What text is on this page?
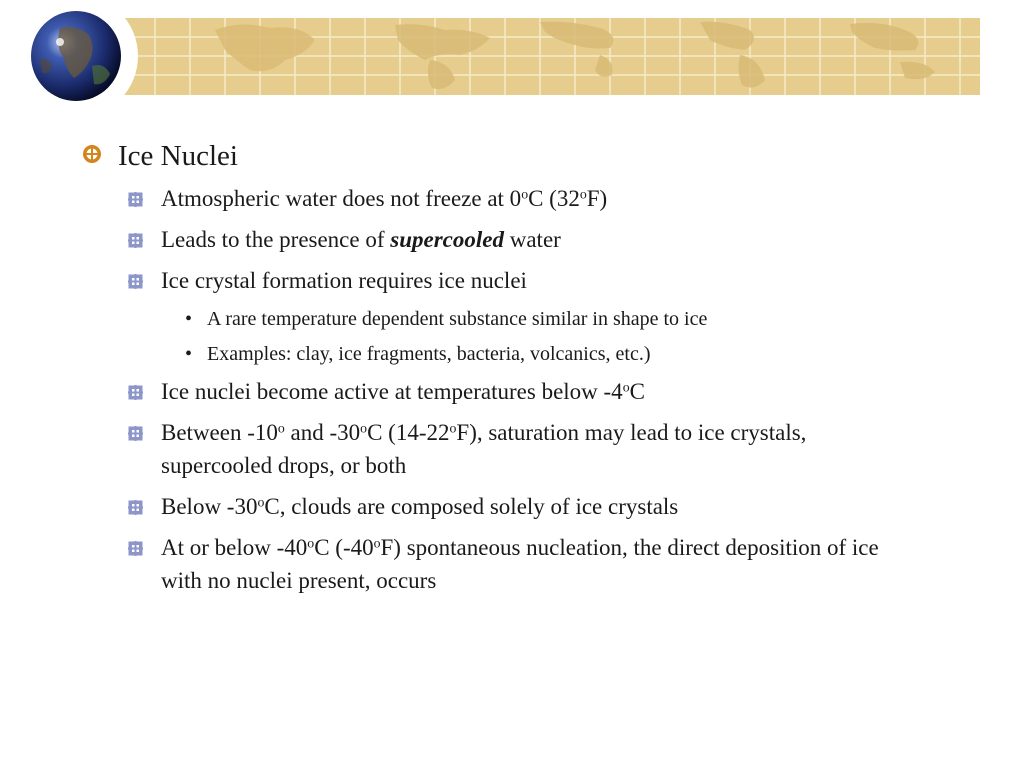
Ice Nuclei
Atmospheric water does not freeze at 0$^o$C (32$^o$F)
Leads to the presence of supercooled water
Ice crystal formation requires ice nuclei
• A rare temperature dependent substance similar in shape to ice
• Examples: clay, ice fragments, bacteria, volcanics, etc.)
Ice nuclei become active at temperatures below -4$^o$C
Between -10$^o$ and -30$^o$C (14-22$^o$F), saturation may lead to ice crystals, supercooled drops, or both
Below -30$^o$C, clouds are composed solely of ice crystals
At or below -40$^o$C (-40$^o$F) spontaneous nucleation, the direct deposition of ice with no nuclei present, occurs
